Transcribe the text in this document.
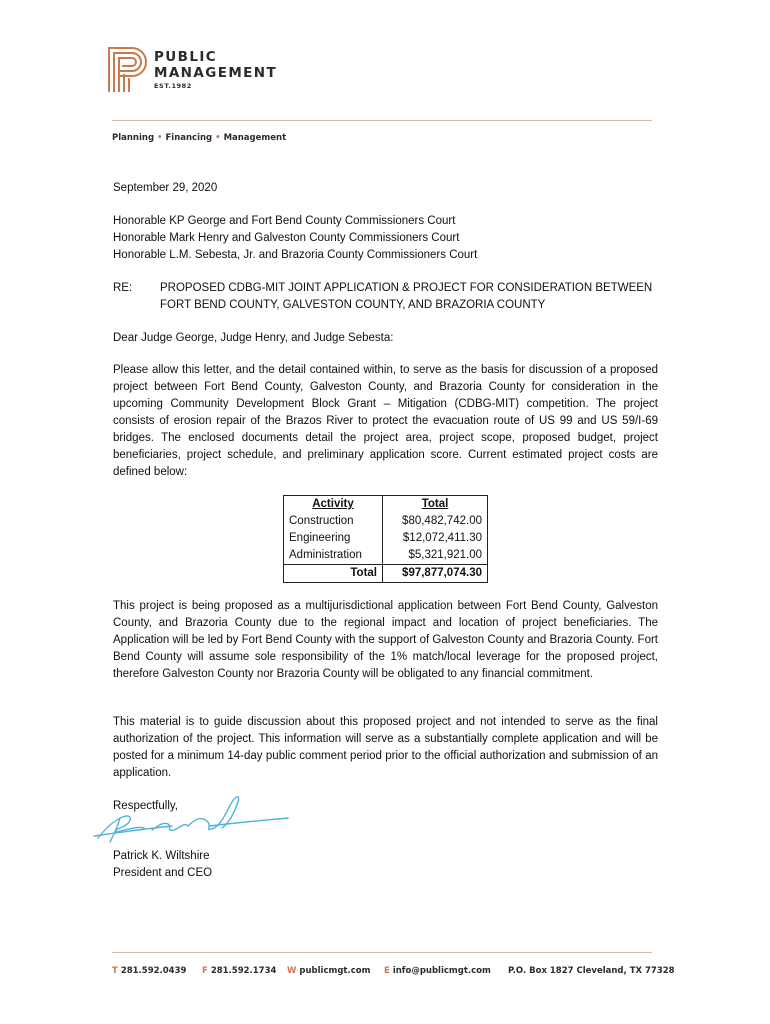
PUBLIC
MANAGEMENT
EST.1982
Planning • Financing • Management
September 29, 2020
Honorable KP George and Fort Bend County Commissioners Court
Honorable Mark Henry and Galveston County Commissioners Court
Honorable L.M. Sebesta, Jr. and Brazoria County Commissioners Court
RE: PROPOSED CDBG-MIT JOINT APPLICATION & PROJECT FOR CONSIDERATION BETWEEN FORT BEND COUNTY, GALVESTON COUNTY, AND BRAZORIA COUNTY
Dear Judge George, Judge Henry, and Judge Sebesta:
Please allow this letter, and the detail contained within, to serve as the basis for discussion of a proposed project between Fort Bend County, Galveston County, and Brazoria County for consideration in the upcoming Community Development Block Grant – Mitigation (CDBG-MIT) competition. The project consists of erosion repair of the Brazos River to protect the evacuation route of US 99 and US 59/I-69 bridges. The enclosed documents detail the project area, project scope, proposed budget, project beneficiaries, project schedule, and preliminary application score. Current estimated project costs are defined below:
Activity	Total
Construction	$80,482,742.00
Engineering	$12,072,411.30
Administration	$5,321,921.00
Total	$97,877,074.30
This project is being proposed as a multijurisdictional application between Fort Bend County, Galveston County, and Brazoria County due to the regional impact and location of project beneficiaries. The Application will be led by Fort Bend County with the support of Galveston County and Brazoria County. Fort Bend County will assume sole responsibility of the 1% match/local leverage for the proposed project, therefore Galveston County nor Brazoria County will be obligated to any financial commitment.
This material is to guide discussion about this proposed project and not intended to serve as the final authorization of the project. This information will serve as a substantially complete application and will be posted for a minimum 14-day public comment period prior to the official authorization and submission of an application.
Respectfully,
Patrick K. Wiltshire
President and CEO
T 281.592.0439 F 281.592.1734 W publicmgt.com E info@publicmgt.com P.O. Box 1827 Cleveland, TX 77328
